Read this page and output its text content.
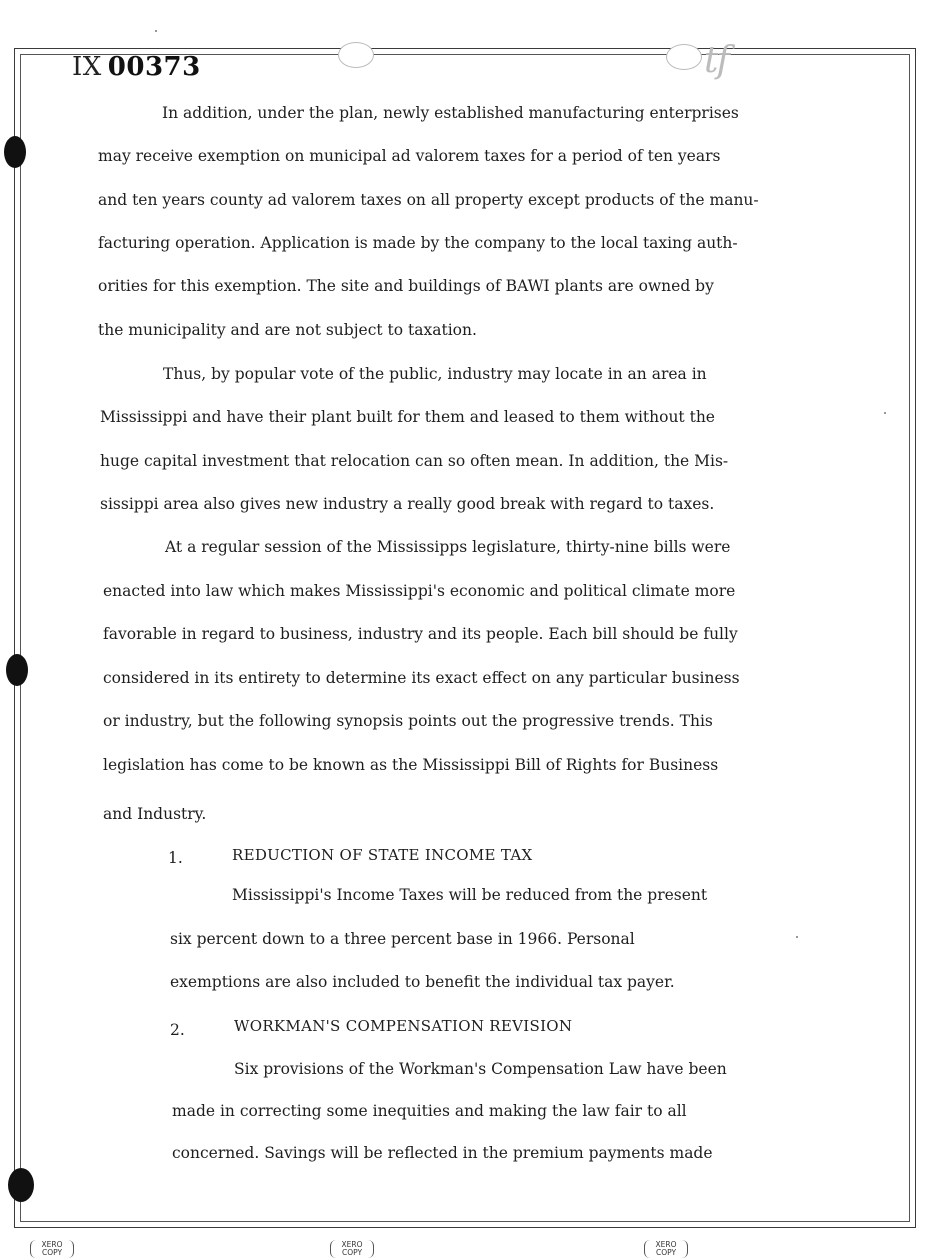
IX 00373	tf
In addition, under the plan, newly established manufacturing enterprises
may receive exemption on municipal ad valorem taxes for a period of ten years
and ten years county ad valorem taxes on all property except products of the manu-
facturing operation. Application is made by the company to the local taxing auth-
orities for this exemption. The site and buildings of BAWI plants are owned by
the municipality and are not subject to taxation.
Thus, by popular vote of the public, industry may locate in an area in
Mississippi and have their plant built for them and leased to them without the
huge capital investment that relocation can so often mean. In addition, the Mis-
sissippi area also gives new industry a really good break with regard to taxes.
At a regular session of the Mississipps legislature, thirty-nine bills were
enacted into law which makes Mississippi's economic and political climate more
favorable in regard to business, industry and its people. Each bill should be fully
considered in its entirety to determine its exact effect on any particular business
or industry, but the following synopsis points out the progressive trends. This
legislation has come to be known as the Mississippi Bill of Rights for Business
and Industry.
1.	REDUCTION OF STATE INCOME TAX
Mississippi's Income Taxes will be reduced from the present
six percent down to a three percent base in 1966. Personal
exemptions are also included to benefit the individual tax payer.
2.	WORKMAN'S COMPENSATION REVISION
Six provisions of the Workman's Compensation Law have been
made in correcting some inequities and making the law fair to all
concerned. Savings will be reflected in the premium payments made
XERO COPY
XERO COPY
XERO COPY
